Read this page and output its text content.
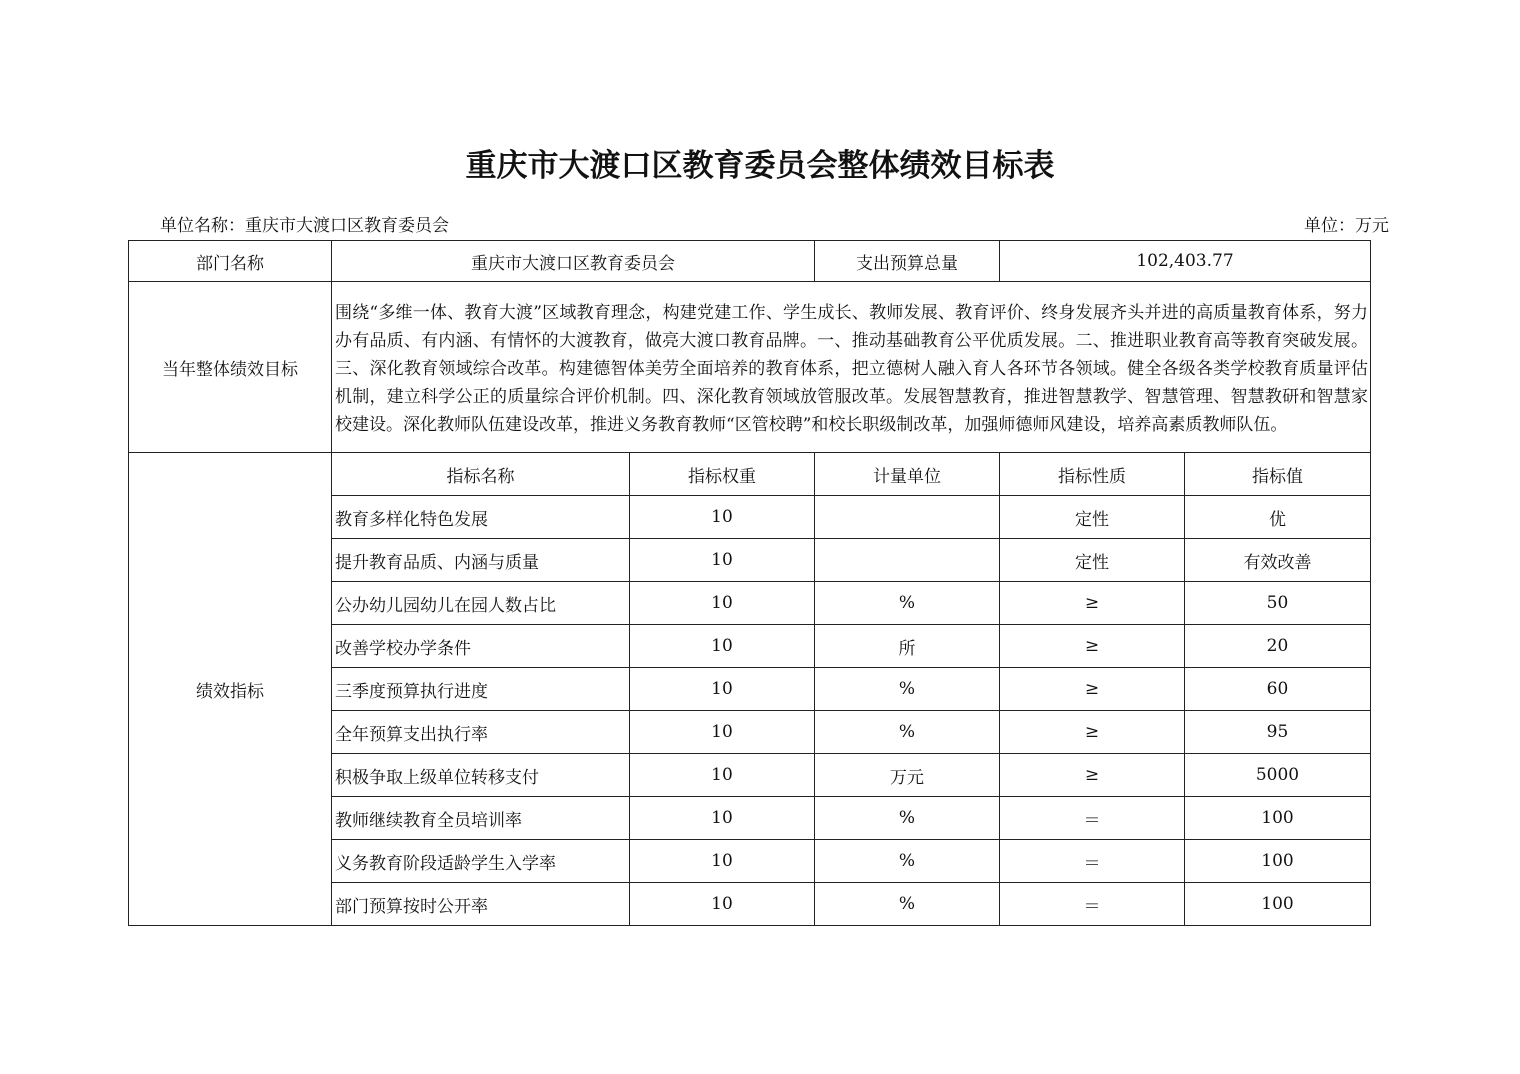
重庆市大渡口区教育委员会整体绩效目标表
单位名称：重庆市大渡口区教育委员会	单位：万元
部门名称	重庆市大渡口区教育委员会		支出预算总量	102,403.77	
当年整体绩效目标	围绕“多维一体、教育大渡”区域教育理念，构建党建工作、学生成长、教师发展、教育评价、终身发展齐头并进的高质量教育体系，努力办有品质、有内涵、有情怀的大渡教育，做亮大渡口教育品牌。一、推动基础教育公平优质发展。二、推进职业教育高等教育突破发展。三、深化教育领域综合改革。构建德智体美劳全面培养的教育体系，把立德树人融入育人各环节各领域。健全各级各类学校教育质量评估机制，建立科学公正的质量综合评价机制。四、深化教育领域放管服改革。发展智慧教育，推进智慧教学、智慧管理、智慧教研和智慧家校建设。深化教师队伍建设改革，推进义务教育教师“区管校聘”和校长职级制改革，加强师德师风建设，培养高素质教师队伍。				
绩效指标	指标名称	指标权重	计量单位	指标性质	指标值
	教育多样化特色发展	10		定性	优
	提升教育品质、内涵与质量	10		定性	有效改善
	公办幼儿园幼儿在园人数占比	10	%	≥	50
	改善学校办学条件	10	所	≥	20
	三季度预算执行进度	10	%	≥	60
	全年预算支出执行率	10	%	≥	95
	积极争取上级单位转移支付	10	万元	≥	5000
	教师继续教育全员培训率	10	%	＝	100
	义务教育阶段适龄学生入学率	10	%	＝	100
	部门预算按时公开率	10	%	＝	100
